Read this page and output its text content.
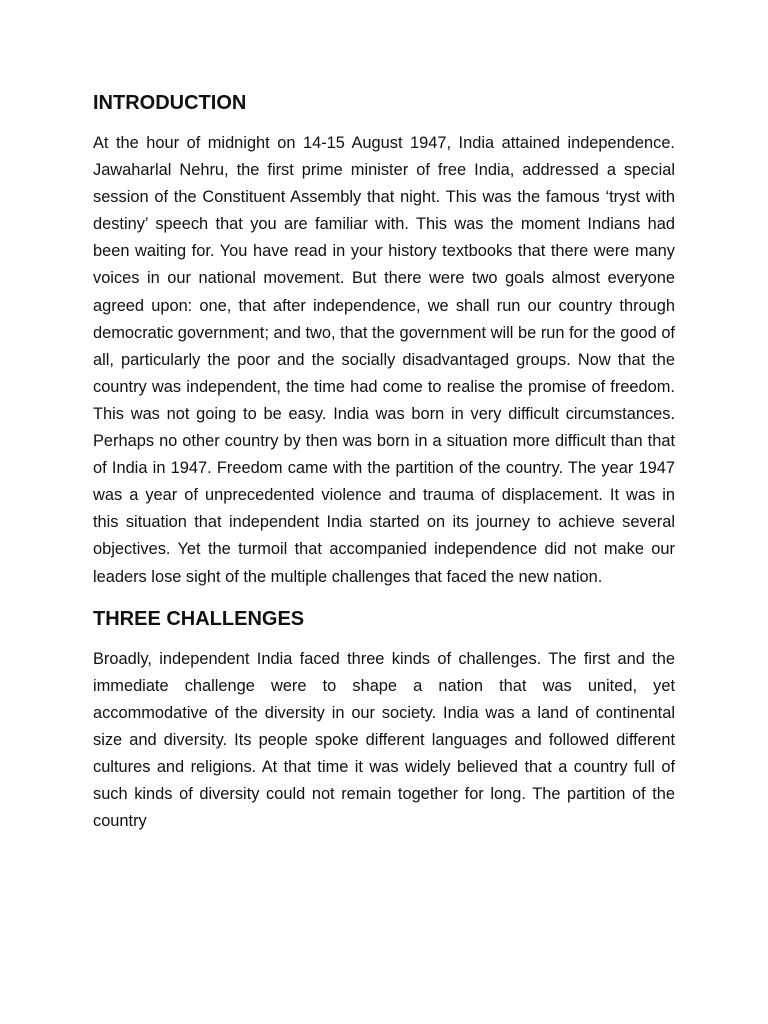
INTRODUCTION

At the hour of midnight on 14-15 August 1947, India attained independence. Jawaharlal Nehru, the first prime minister of free India, addressed a special session of the Constituent Assembly that night. This was the famous ‘tryst with destiny’ speech that you are familiar with. This was the moment Indians had been waiting for. You have read in your history textbooks that there were many voices in our national movement. But there were two goals almost everyone agreed upon: one, that after independence, we shall run our country through democratic government; and two, that the government will be run for the good of all, particularly the poor and the socially disadvantaged groups. Now that the country was independent, the time had come to realise the promise of freedom. This was not going to be easy. India was born in very difficult circumstances. Perhaps no other country by then was born in a situation more difficult than that of India in 1947. Freedom came with the partition of the country. The year 1947 was a year of unprecedented violence and trauma of displacement. It was in this situation that independent India started on its journey to achieve several objectives. Yet the turmoil that accompanied independence did not make our leaders lose sight of the multiple challenges that faced the new nation.

THREE CHALLENGES

Broadly, independent India faced three kinds of challenges. The first and the immediate challenge were to shape a nation that was united, yet accommodative of the diversity in our society. India was a land of continental size and diversity. Its people spoke different languages and followed different cultures and religions. At that time it was widely believed that a country full of such kinds of diversity could not remain together for long. The partition of the country
